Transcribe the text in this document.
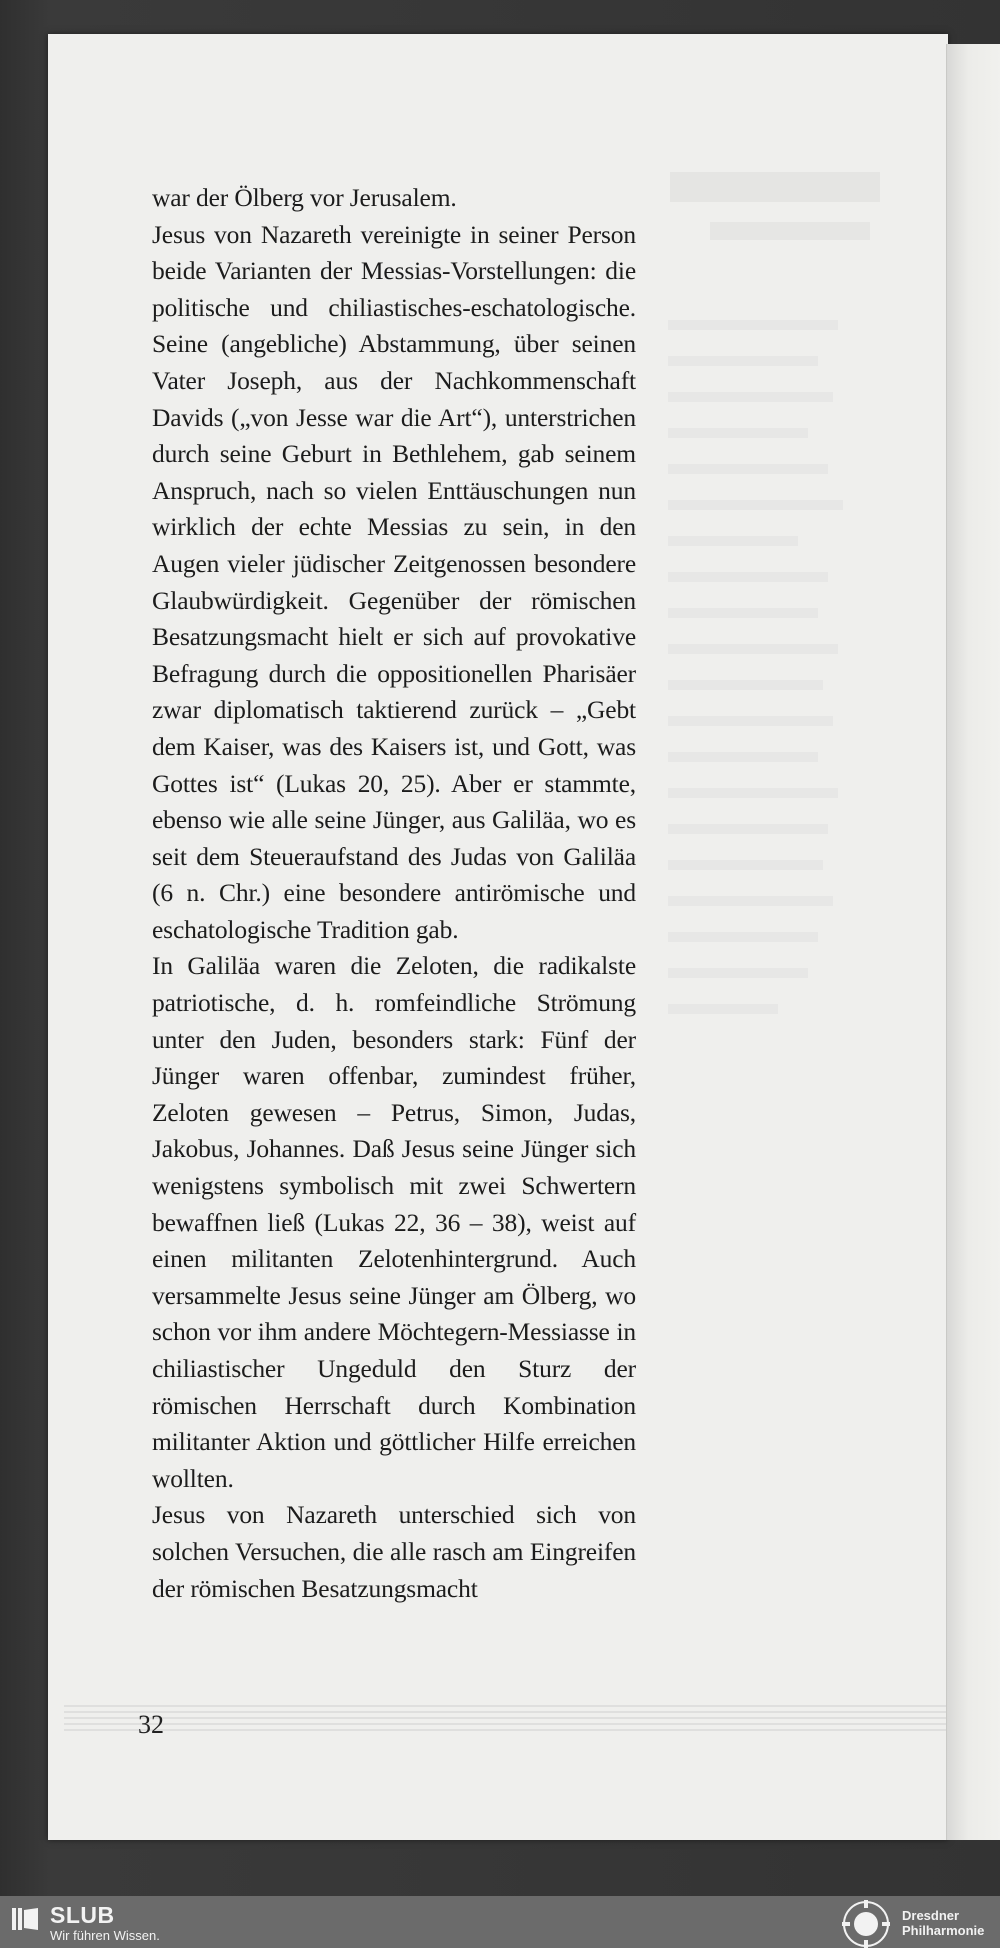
war der Ölberg vor Jerusalem.

Jesus von Nazareth vereinigte in seiner Person beide Varianten der Messias-Vorstellungen: die politische und chiliastisches-eschatologische. Seine (angebliche) Abstammung, über seinen Vater Joseph, aus der Nachkommenschaft Davids („von Jesse war die Art“), unterstrichen durch seine Geburt in Bethlehem, gab seinem Anspruch, nach so vielen Enttäuschungen nun wirklich der echte Messias zu sein, in den Augen vieler jüdischer Zeitgenossen besondere Glaubwürdigkeit. Gegenüber der römischen Besatzungsmacht hielt er sich auf provokative Befragung durch die oppositionellen Pharisäer zwar diplomatisch taktierend zurück – „Gebt dem Kaiser, was des Kaisers ist, und Gott, was Gottes ist“ (Lukas 20, 25). Aber er stammte, ebenso wie alle seine Jünger, aus Galiläa, wo es seit dem Steueraufstand des Judas von Galiläa (6 n. Chr.) eine besondere antirömische und eschatologische Tradition gab.

In Galiläa waren die Zeloten, die radikalste patriotische, d. h. romfeindliche Strömung unter den Juden, besonders stark: Fünf der Jünger waren offenbar, zumindest früher, Zeloten gewesen – Petrus, Simon, Judas, Jakobus, Johannes. Daß Jesus seine Jünger sich wenigstens symbolisch mit zwei Schwertern bewaffnen ließ (Lukas 22, 36 – 38), weist auf einen militanten Zelotenhintergrund. Auch versammelte Jesus seine Jünger am Ölberg, wo schon vor ihm andere Möchtegern-Messiasse in chiliastischer Ungeduld den Sturz der römischen Herrschaft durch Kombination militanter Aktion und göttlicher Hilfe erreichen wollten.

Jesus von Nazareth unterschied sich von solchen Versuchen, die alle rasch am Eingreifen der römischen Besatzungsmacht

32
SLUB
Wir führen Wissen.
Dresdner
Philharmonie
